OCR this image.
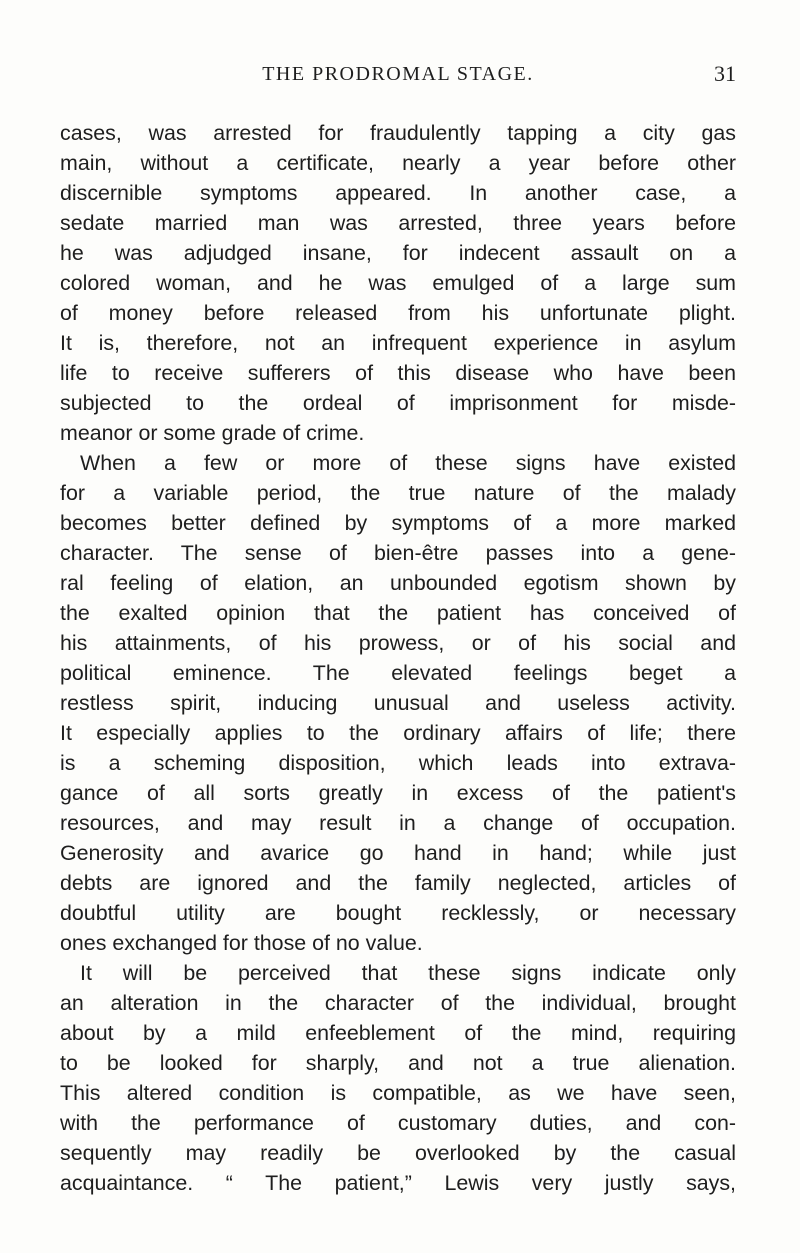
THE PRODROMAL STAGE.	31
cases, was arrested for fraudulently tapping a city gas
main, without a certificate, nearly a year before other
discernible symptoms appeared. In another case, a
sedate married man was arrested, three years before
he was adjudged insane, for indecent assault on a
colored woman, and he was emulged of a large sum
of money before released from his unfortunate plight.
It is, therefore, not an infrequent experience in asylum
life to receive sufferers of this disease who have been
subjected to the ordeal of imprisonment for misde-
meanor or some grade of crime.
When a few or more of these signs have existed
for a variable period, the true nature of the malady
becomes better defined by symptoms of a more marked
character. The sense of bien-être passes into a gene-
ral feeling of elation, an unbounded egotism shown by
the exalted opinion that the patient has conceived of
his attainments, of his prowess, or of his social and
political eminence. The elevated feelings beget a
restless spirit, inducing unusual and useless activity.
It especially applies to the ordinary affairs of life; there
is a scheming disposition, which leads into extrava-
gance of all sorts greatly in excess of the patient's
resources, and may result in a change of occupation.
Generosity and avarice go hand in hand; while just
debts are ignored and the family neglected, articles of
doubtful utility are bought recklessly, or necessary
ones exchanged for those of no value.
It will be perceived that these signs indicate only
an alteration in the character of the individual, brought
about by a mild enfeeblement of the mind, requiring
to be looked for sharply, and not a true alienation.
This altered condition is compatible, as we have seen,
with the performance of customary duties, and con-
sequently may readily be overlooked by the casual
acquaintance. “ The patient,” Lewis very justly says,
